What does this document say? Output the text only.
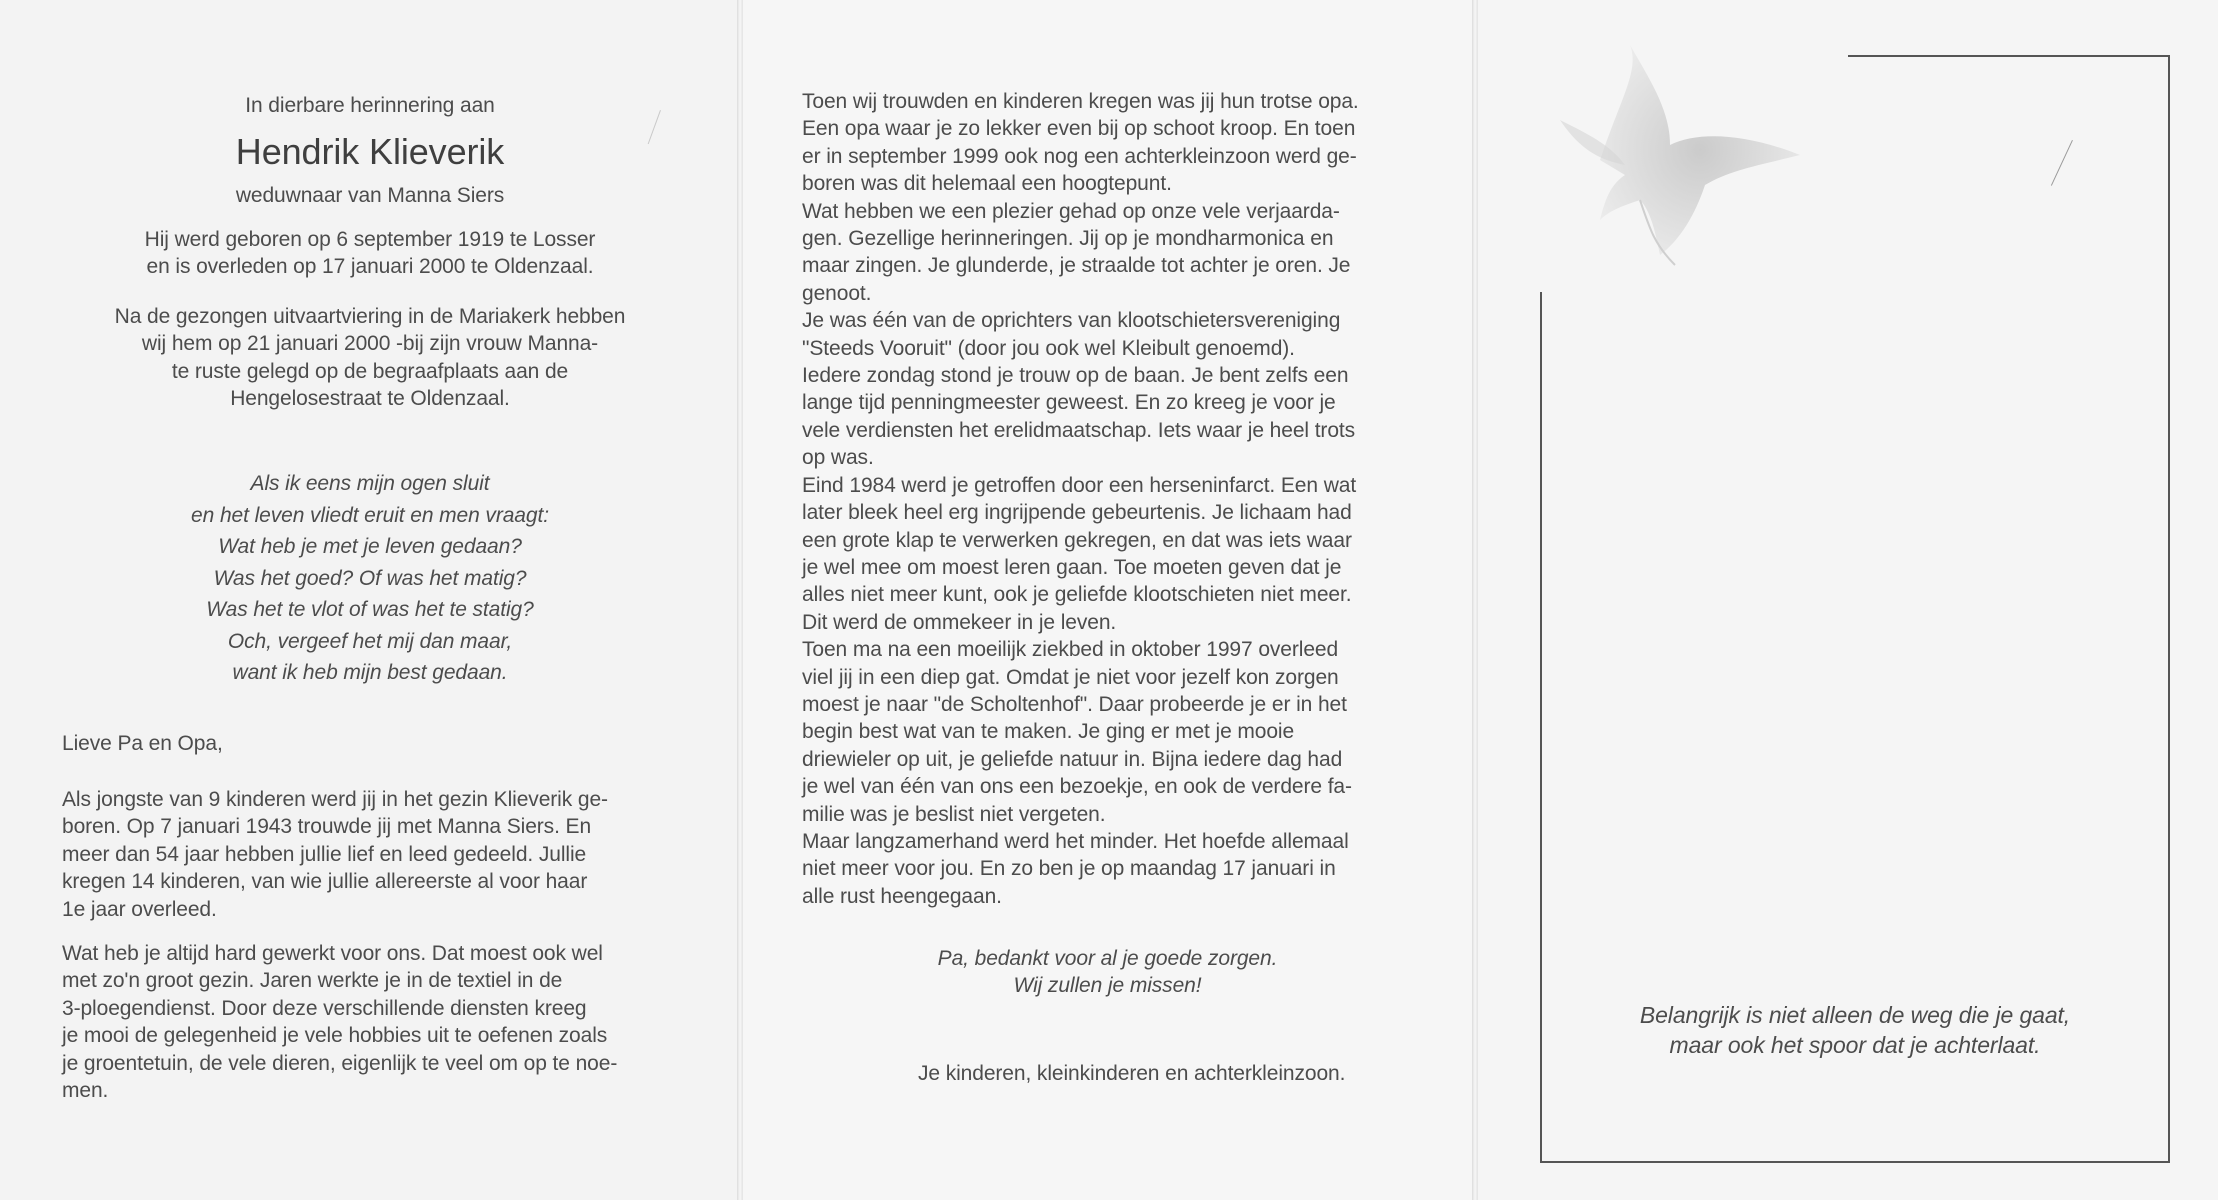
In dierbare herinnering aan

Hendrik Klieverik

weduwnaar van Manna Siers

Hij werd geboren op 6 september 1919 te Losser
en is overleden op 17 januari 2000 te Oldenzaal.
Na de gezongen uitvaartviering in de Mariakerk hebben
wij hem op 21 januari 2000 -bij zijn vrouw Manna-
te ruste gelegd op de begraafplaats aan de
Hengelosestraat te Oldenzaal.
Als ik eens mijn ogen sluit
en het leven vliedt eruit en men vraagt:
Wat heb je met je leven gedaan?
Was het goed? Of was het matig?
Was het te vlot of was het te statig?
Och, vergeef het mij dan maar,
want ik heb mijn best gedaan.

Lieve Pa en Opa,

Als jongste van 9 kinderen werd jij in het gezin Klieverik ge-
boren. Op 7 januari 1943 trouwde jij met Manna Siers. En
meer dan 54 jaar hebben jullie lief en leed gedeeld. Jullie
kregen 14 kinderen, van wie jullie allereerste al voor haar
1e jaar overleed.
Wat heb je altijd hard gewerkt voor ons. Dat moest ook wel
met zo'n groot gezin. Jaren werkte je in de textiel in de
3-ploegendienst. Door deze verschillende diensten kreeg
je mooi de gelegenheid je vele hobbies uit te oefenen zoals
je groentetuin, de vele dieren, eigenlijk te veel om op te noe-
men.
Toen wij trouwden en kinderen kregen was jij hun trotse opa.
Een opa waar je zo lekker even bij op schoot kroop. En toen
er in september 1999 ook nog een achterkleinzoon werd ge-
boren was dit helemaal een hoogtepunt.
Wat hebben we een plezier gehad op onze vele verjaarda-
gen. Gezellige herinneringen. Jij op je mondharmonica en
maar zingen. Je glunderde, je straalde tot achter je oren. Je
genoot.
Je was één van de oprichters van klootschietersvereniging
"Steeds Vooruit" (door jou ook wel Kleibult genoemd).
Iedere zondag stond je trouw op de baan. Je bent zelfs een
lange tijd penningmeester geweest. En zo kreeg je voor je
vele verdiensten het erelidmaatschap. Iets waar je heel trots
op was.
Eind 1984 werd je getroffen door een herseninfarct. Een wat
later bleek heel erg ingrijpende gebeurtenis. Je lichaam had
een grote klap te verwerken gekregen, en dat was iets waar
je wel mee om moest leren gaan. Toe moeten geven dat je
alles niet meer kunt, ook je geliefde klootschieten niet meer.
Dit werd de ommekeer in je leven.
Toen ma na een moeilijk ziekbed in oktober 1997 overleed
viel jij in een diep gat. Omdat je niet voor jezelf kon zorgen
moest je naar "de Scholtenhof". Daar probeerde je er in het
begin best wat van te maken. Je ging er met je mooie
driewieler op uit, je geliefde natuur in. Bijna iedere dag had
je wel van één van ons een bezoekje, en ook de verdere fa-
milie was je beslist niet vergeten.
Maar langzamerhand werd het minder. Het hoefde allemaal
niet meer voor jou. En zo ben je op maandag 17 januari in
alle rust heengegaan.
Pa, bedankt voor al je goede zorgen.
Wij zullen je missen!

Je kinderen, kleinkinderen en achterkleinzoon.

Belangrijk is niet alleen de weg die je gaat,
maar ook het spoor dat je achterlaat.
